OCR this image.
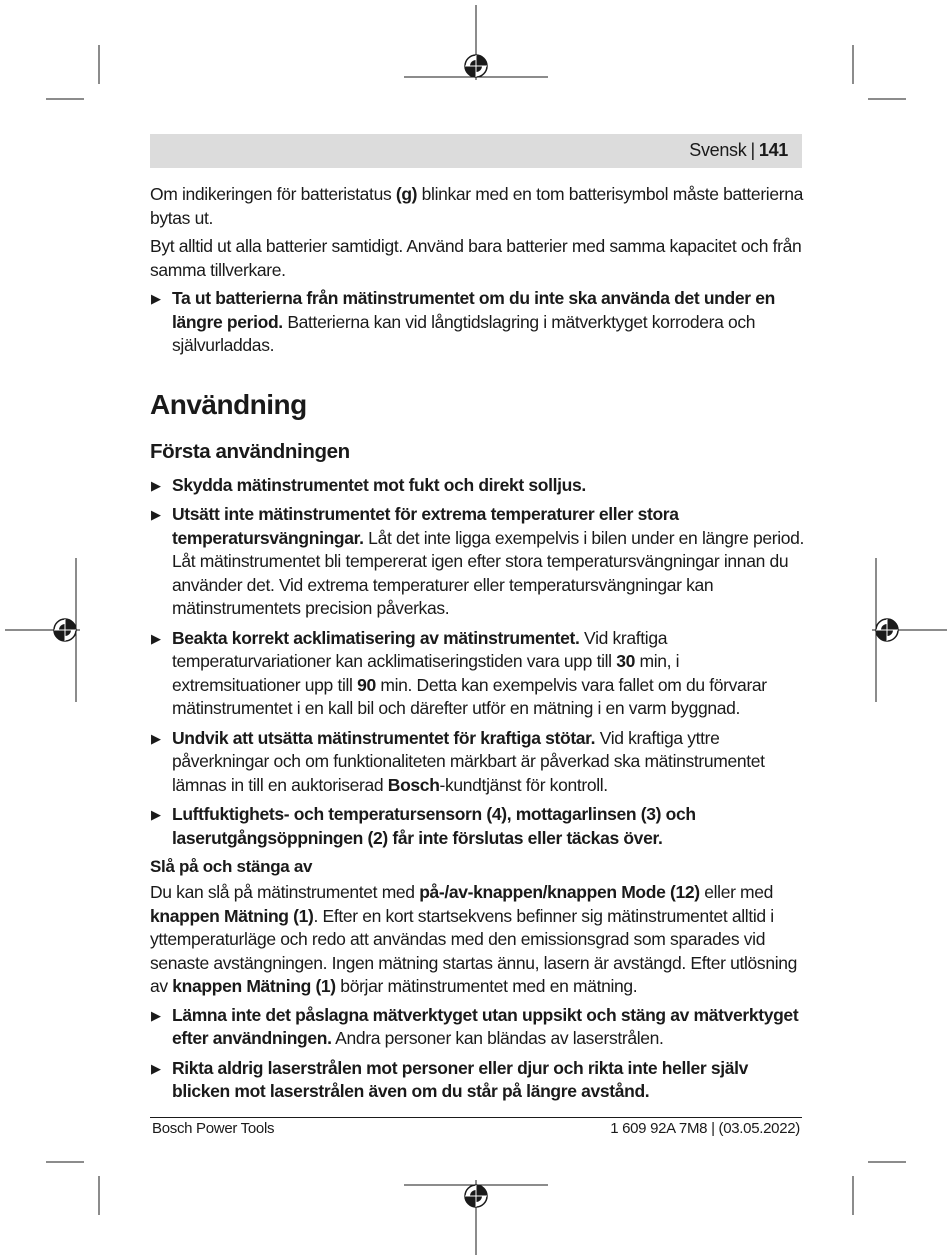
Svensk | 141

Om indikeringen för batteristatus (g) blinkar med en tom batterisymbol måste batterierna bytas ut.

Byt alltid ut alla batterier samtidigt. Använd bara batterier med samma kapacitet och från samma tillverkare.

▶ Ta ut batterierna från mätinstrumentet om du inte ska använda det under en längre period. Batterierna kan vid långtidslagring i mätverktyget korrodera och självurladdas.
Användning
Första användningen
▶ Skydda mätinstrumentet mot fukt och direkt solljus.
▶ Utsätt inte mätinstrumentet för extrema temperaturer eller stora temperatursvängningar. Låt det inte ligga exempelvis i bilen under en längre period. Låt mätinstrumentet bli tempererat igen efter stora temperatursvängningar innan du använder det. Vid extrema temperaturer eller temperatursvängningar kan mätinstrumentets precision påverkas.
▶ Beakta korrekt acklimatisering av mätinstrumentet. Vid kraftiga temperaturvariationer kan acklimatiseringstiden vara upp till 30 min, i extremsituationer upp till 90 min. Detta kan exempelvis vara fallet om du förvarar mätinstrumentet i en kall bil och därefter utför en mätning i en varm byggnad.
▶ Undvik att utsätta mätinstrumentet för kraftiga stötar. Vid kraftiga yttre påverkningar och om funktionaliteten märkbart är påverkad ska mätinstrumentet lämnas in till en auktoriserad Bosch-kundtjänst för kontroll.
▶ Luftfuktighets- och temperatursensorn (4), mottagarlinsen (3) och laserutgångsöppningen (2) får inte förslutas eller täckas över.
Slå på och stänga av

Du kan slå på mätinstrumentet med på-/av-knappen/knappen Mode (12) eller med knappen Mätning (1). Efter en kort startsekvens befinner sig mätinstrumentet alltid i yttemperaturläge och redo att användas med den emissionsgrad som sparades vid senaste avstängningen. Ingen mätning startas ännu, lasern är avstängd. Efter utlösning av knappen Mätning (1) börjar mätinstrumentet med en mätning.

▶ Lämna inte det påslagna mätverktyget utan uppsikt och stäng av mätverktyget efter användningen. Andra personer kan bländas av laserstrålen.
▶ Rikta aldrig laserstrålen mot personer eller djur och rikta inte heller själv blicken mot laserstrålen även om du står på längre avstånd.
Bosch Power Tools	1 609 92A 7M8 | (03.05.2022)
